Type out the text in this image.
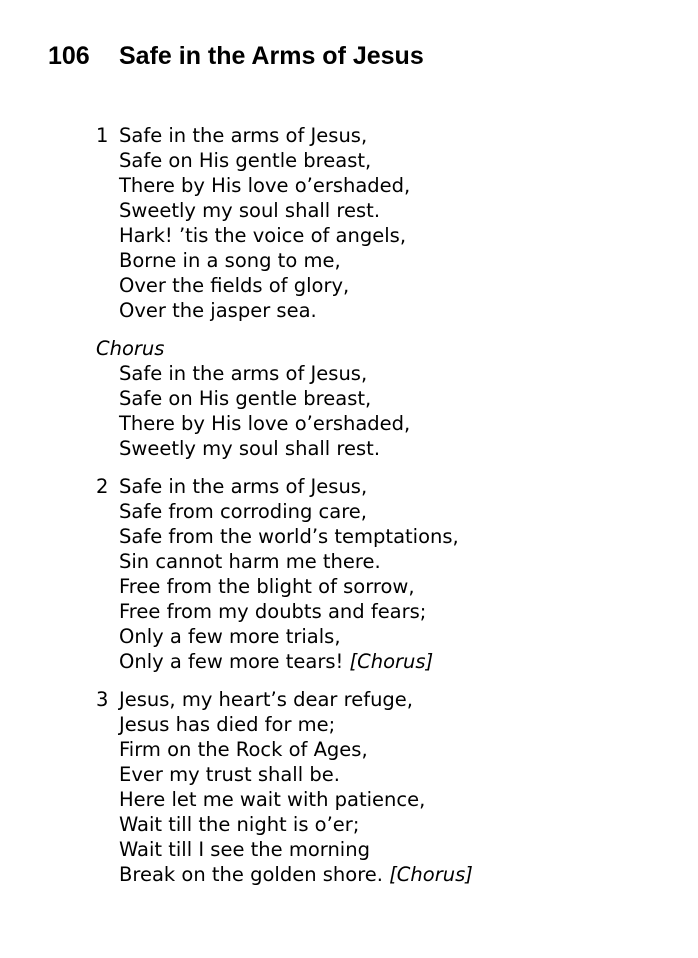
106 Safe in the Arms of Jesus
1 Safe in the arms of Jesus,
Safe on His gentle breast,
There by His love o’ershaded,
Sweetly my soul shall rest.
Hark! ’tis the voice of angels,
Borne in a song to me,
Over the fields of glory,
Over the jasper sea.
Chorus
Safe in the arms of Jesus,
Safe on His gentle breast,
There by His love o’ershaded,
Sweetly my soul shall rest.
2 Safe in the arms of Jesus,
Safe from corroding care,
Safe from the world’s temptations,
Sin cannot harm me there.
Free from the blight of sorrow,
Free from my doubts and fears;
Only a few more trials,
Only a few more tears! [Chorus]
3 Jesus, my heart’s dear refuge,
Jesus has died for me;
Firm on the Rock of Ages,
Ever my trust shall be.
Here let me wait with patience,
Wait till the night is o’er;
Wait till I see the morning
Break on the golden shore. [Chorus]
